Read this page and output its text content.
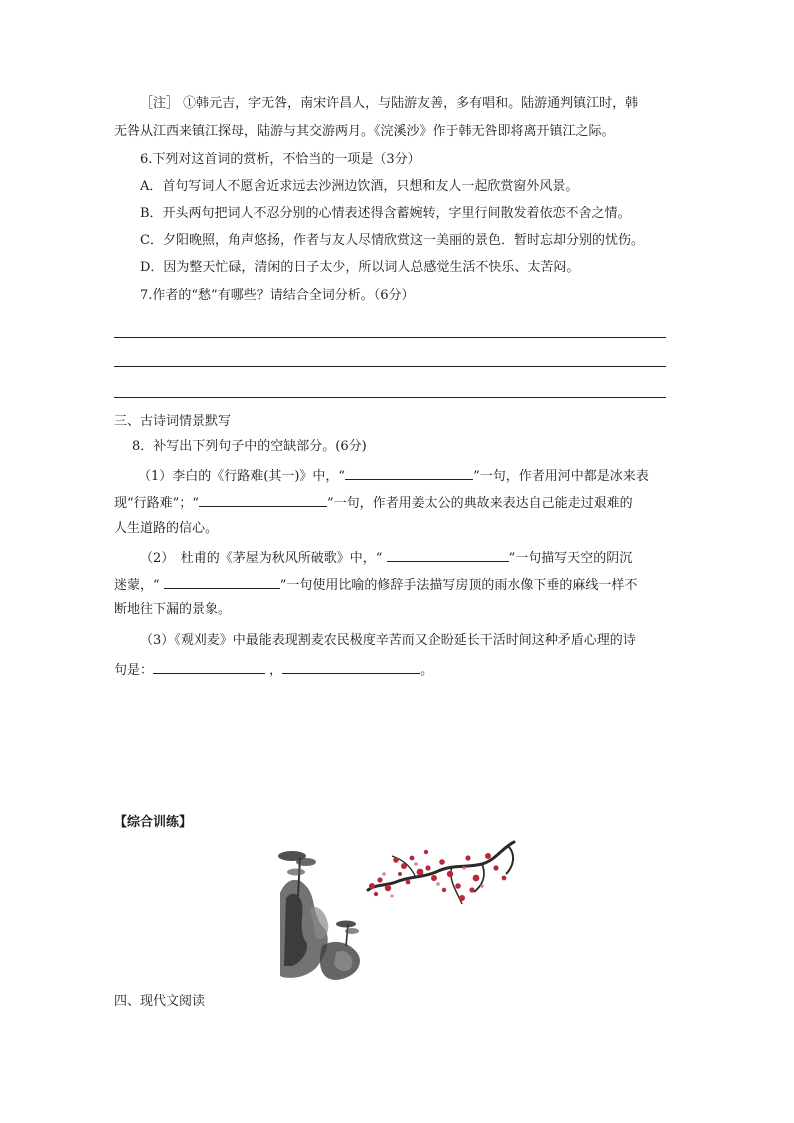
［注］ ①韩元吉，字无咎，南宋许昌人，与陆游友善，多有唱和。陆游通判镇江时，韩
无咎从江西来镇江探母，陆游与其交游两月。《浣溪沙》作于韩无咎即将离开镇江之际。
6.下列对这首词的赏析，不恰当的一项是（3分）
A．首句写词人不愿舍近求远去沙洲边饮酒，只想和友人一起欣赏窗外风景。
B．开头两句把词人不忍分别的心情表述得含蓄婉转，字里行间散发着依恋不舍之情。
C．夕阳晚照，角声悠扬，作者与友人尽情欣赏这一美丽的景色．暂时忘却分别的忧伤。
D．因为整天忙碌，清闲的日子太少，所以词人总感觉生活不快乐、太苦闷。
7.作者的“愁”有哪些？请结合全词分析。（6分）
三、古诗词情景默写
8．补写出下列句子中的空缺部分。(6分)
（1）李白的《行路难(其一)》中，“	”一句，作者用河中都是冰来表
现“行路难”；“	”一句，作者用姜太公的典故来表达自己能走过艰难的
人生道路的信心。
（2）　杜甫的《茅屋为秋风所破歌》中，“	”一句描写天空的阴沉
迷蒙，“	”一句使用比喻的修辞手法描写房顶的雨水像下垂的麻线一样不
断地往下漏的景象。
（3）《观刈麦》中最能表现割麦农民极度辛苦而又企盼延长干活时间这种矛盾心理的诗
句是：	，	。
【综合训练】
四、现代文阅读
